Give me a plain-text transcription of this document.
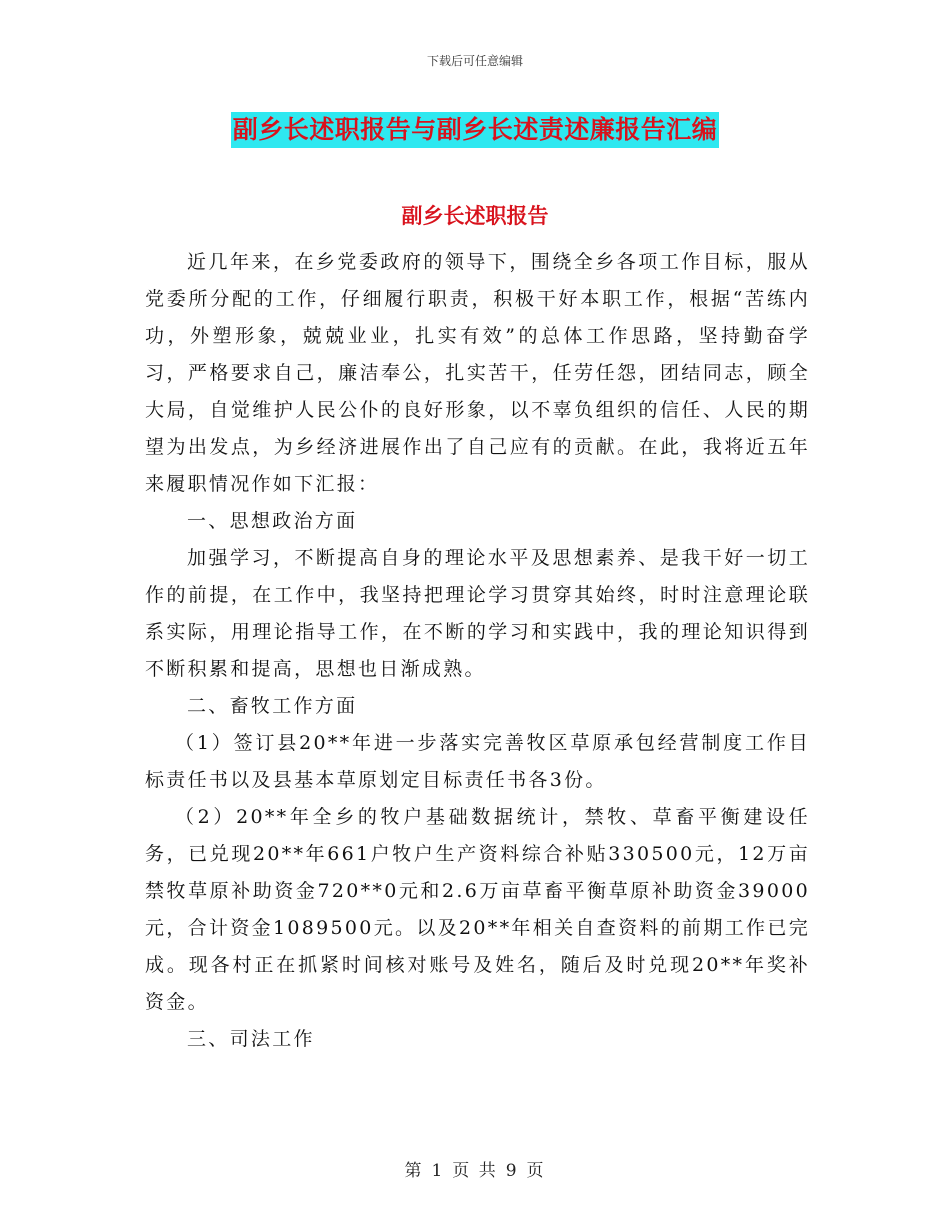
下载后可任意编辑
副乡长述职报告与副乡长述责述廉报告汇编
副乡长述职报告

近几年来，在乡党委政府的领导下，围绕全乡各项工作目标，服从党委所分配的工作，仔细履行职责，积极干好本职工作，根据“苦练内功，外塑形象，兢兢业业，扎实有效”的总体工作思路，坚持勤奋学习，严格要求自己，廉洁奉公，扎实苦干，任劳任怨，团结同志，顾全大局，自觉维护人民公仆的良好形象，以不辜负组织的信任、人民的期望为出发点，为乡经济进展作出了自己应有的贡献。在此，我将近五年来履职情况作如下汇报：

一、思想政治方面

加强学习，不断提高自身的理论水平及思想素养、是我干好一切工作的前提，在工作中，我坚持把理论学习贯穿其始终，时时注意理论联系实际，用理论指导工作，在不断的学习和实践中，我的理论知识得到不断积累和提高，思想也日渐成熟。

二、畜牧工作方面

（1）签订县20**年进一步落实完善牧区草原承包经营制度工作目标责任书以及县基本草原划定目标责任书各3份。

（2）20**年全乡的牧户基础数据统计，禁牧、草畜平衡建设任务，已兑现20**年661户牧户生产资料综合补贴330500元，12万亩禁牧草原补助资金720**0元和2.6万亩草畜平衡草原补助资金39000元，合计资金1089500元。以及20**年相关自查资料的前期工作已完成。现各村正在抓紧时间核对账号及姓名，随后及时兑现20**年奖补资金。

三、司法工作

第 1 页 共 9 页
